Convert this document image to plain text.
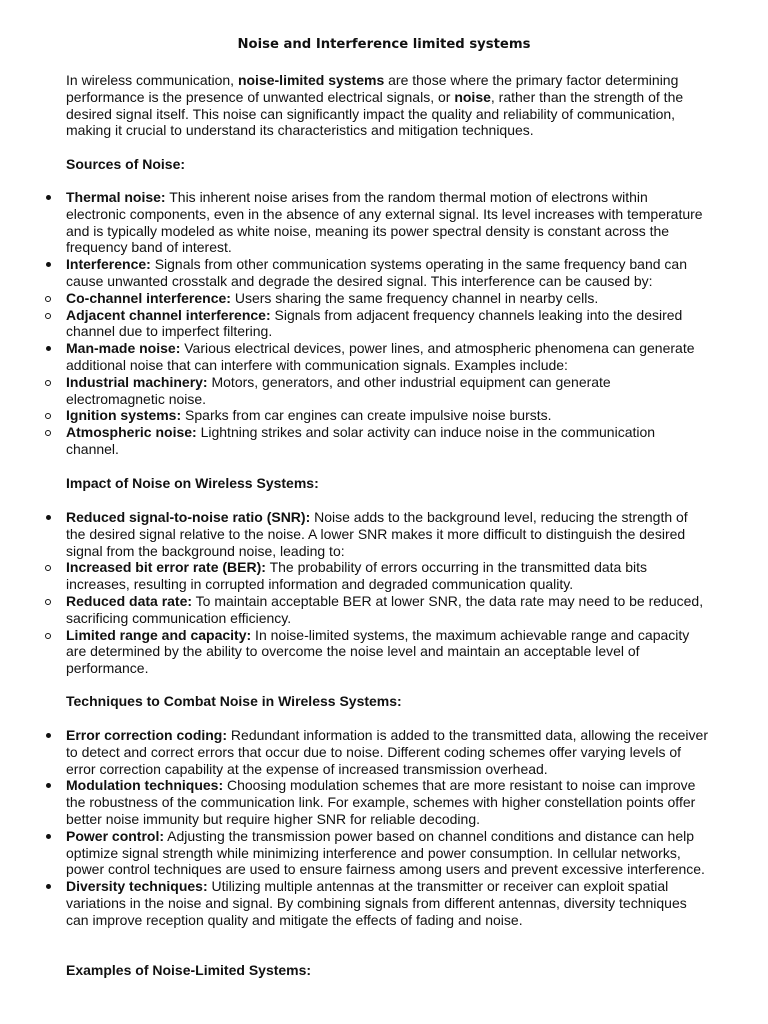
Noise and Interference limited systems

In wireless communication, noise-limited systems are those where the primary factor determining performance is the presence of unwanted electrical signals, or noise, rather than the strength of the desired signal itself. This noise can significantly impact the quality and reliability of communication, making it crucial to understand its characteristics and mitigation techniques.

Sources of Noise:

Thermal noise: This inherent noise arises from the random thermal motion of electrons within electronic components, even in the absence of any external signal. Its level increases with temperature and is typically modeled as white noise, meaning its power spectral density is constant across the frequency band of interest.
Interference: Signals from other communication systems operating in the same frequency band can cause unwanted crosstalk and degrade the desired signal. This interference can be caused by:
Co-channel interference: Users sharing the same frequency channel in nearby cells.
Adjacent channel interference: Signals from adjacent frequency channels leaking into the desired channel due to imperfect filtering.
Man-made noise: Various electrical devices, power lines, and atmospheric phenomena can generate additional noise that can interfere with communication signals. Examples include:
Industrial machinery: Motors, generators, and other industrial equipment can generate electromagnetic noise.
Ignition systems: Sparks from car engines can create impulsive noise bursts.
Atmospheric noise: Lightning strikes and solar activity can induce noise in the communication channel.

Impact of Noise on Wireless Systems:

Reduced signal-to-noise ratio (SNR): Noise adds to the background level, reducing the strength of the desired signal relative to the noise. A lower SNR makes it more difficult to distinguish the desired signal from the background noise, leading to:
Increased bit error rate (BER): The probability of errors occurring in the transmitted data bits increases, resulting in corrupted information and degraded communication quality.
Reduced data rate: To maintain acceptable BER at lower SNR, the data rate may need to be reduced, sacrificing communication efficiency.
Limited range and capacity: In noise-limited systems, the maximum achievable range and capacity are determined by the ability to overcome the noise level and maintain an acceptable level of performance.

Techniques to Combat Noise in Wireless Systems:

Error correction coding: Redundant information is added to the transmitted data, allowing the receiver to detect and correct errors that occur due to noise. Different coding schemes offer varying levels of error correction capability at the expense of increased transmission overhead.
Modulation techniques: Choosing modulation schemes that are more resistant to noise can improve the robustness of the communication link. For example, schemes with higher constellation points offer better noise immunity but require higher SNR for reliable decoding.
Power control: Adjusting the transmission power based on channel conditions and distance can help optimize signal strength while minimizing interference and power consumption. In cellular networks, power control techniques are used to ensure fairness among users and prevent excessive interference.
Diversity techniques: Utilizing multiple antennas at the transmitter or receiver can exploit spatial variations in the noise and signal. By combining signals from different antennas, diversity techniques can improve reception quality and mitigate the effects of fading and noise.

Examples of Noise-Limited Systems:
